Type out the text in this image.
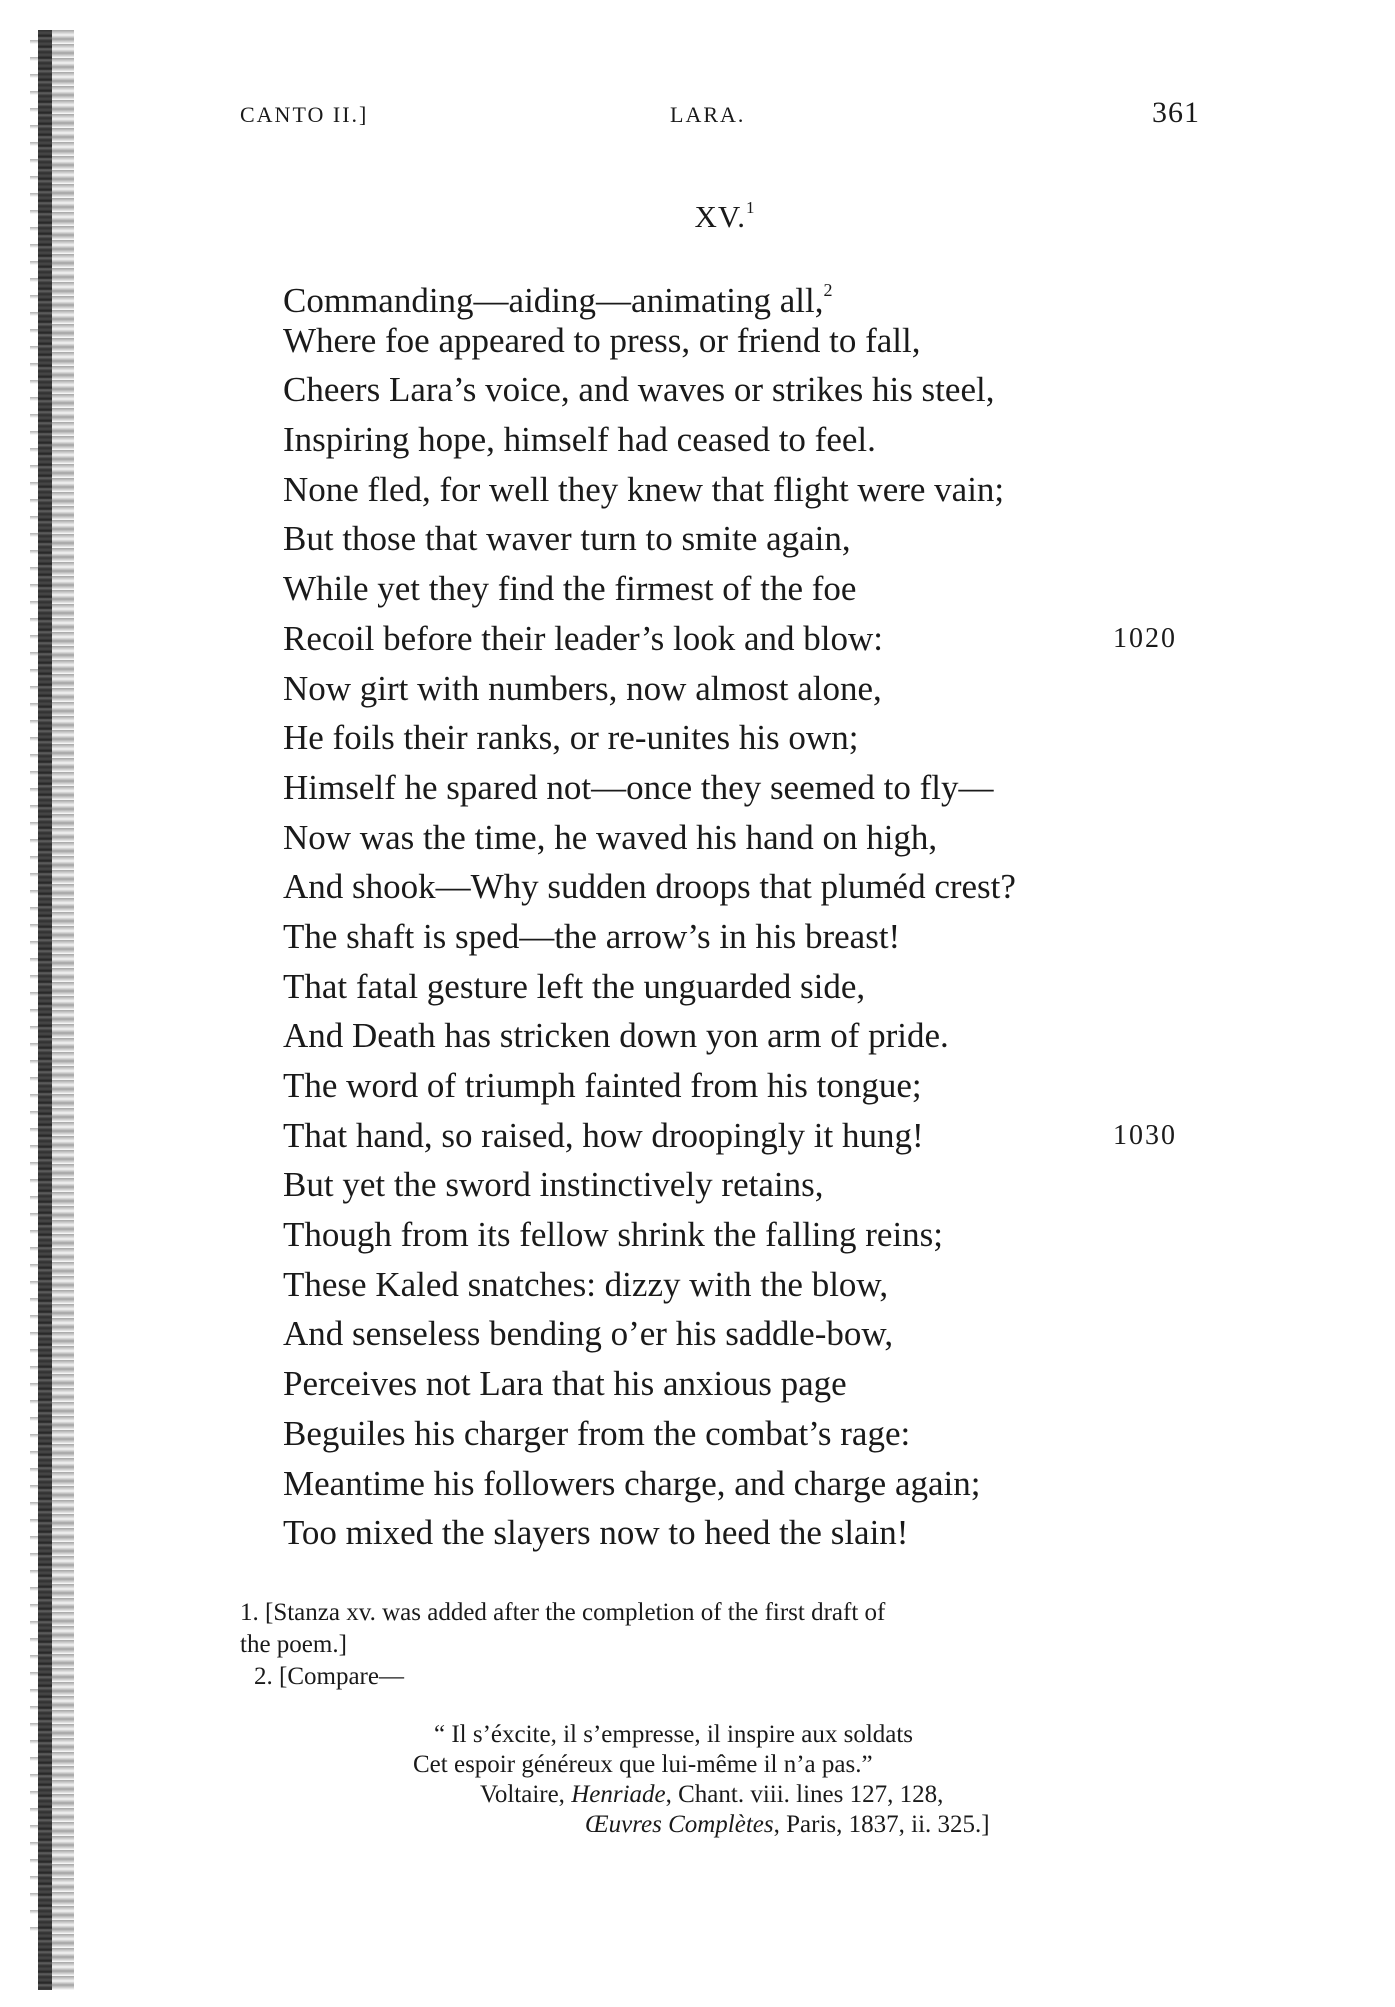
CANTO II.]	LARA.	361
XV.$^1$
Commanding—aiding—animating all,$^2$
Where foe appeared to press, or friend to fall,
Cheers Lara’s voice, and waves or strikes his steel,
Inspiring hope, himself had ceased to feel.
None fled, for well they knew that flight were vain;
But those that waver turn to smite again,
While yet they find the firmest of the foe
Recoil before their leader’s look and blow:	1020
Now girt with numbers, now almost alone,
He foils their ranks, or re-unites his own;
Himself he spared not—once they seemed to fly—
Now was the time, he waved his hand on high,
And shook—Why sudden droops that pluméd crest?
The shaft is sped—the arrow’s in his breast!
That fatal gesture left the unguarded side,
And Death has stricken down yon arm of pride.
The word of triumph fainted from his tongue;
That hand, so raised, how droopingly it hung!	1030
But yet the sword instinctively retains,
Though from its fellow shrink the falling reins;
These Kaled snatches: dizzy with the blow,
And senseless bending o’er his saddle-bow,
Perceives not Lara that his anxious page
Beguiles his charger from the combat’s rage:
Meantime his followers charge, and charge again;
Too mixed the slayers now to heed the slain!
1. [Stanza xv. was added after the completion of the first draft of
the poem.]
2. [Compare—
“ Il s’éxcite, il s’empresse, il inspire aux soldats
Cet espoir généreux que lui-même il n’a pas.”
Voltaire, Henriade, Chant. viii. lines 127, 128,
Œuvres Complètes, Paris, 1837, ii. 325.]
